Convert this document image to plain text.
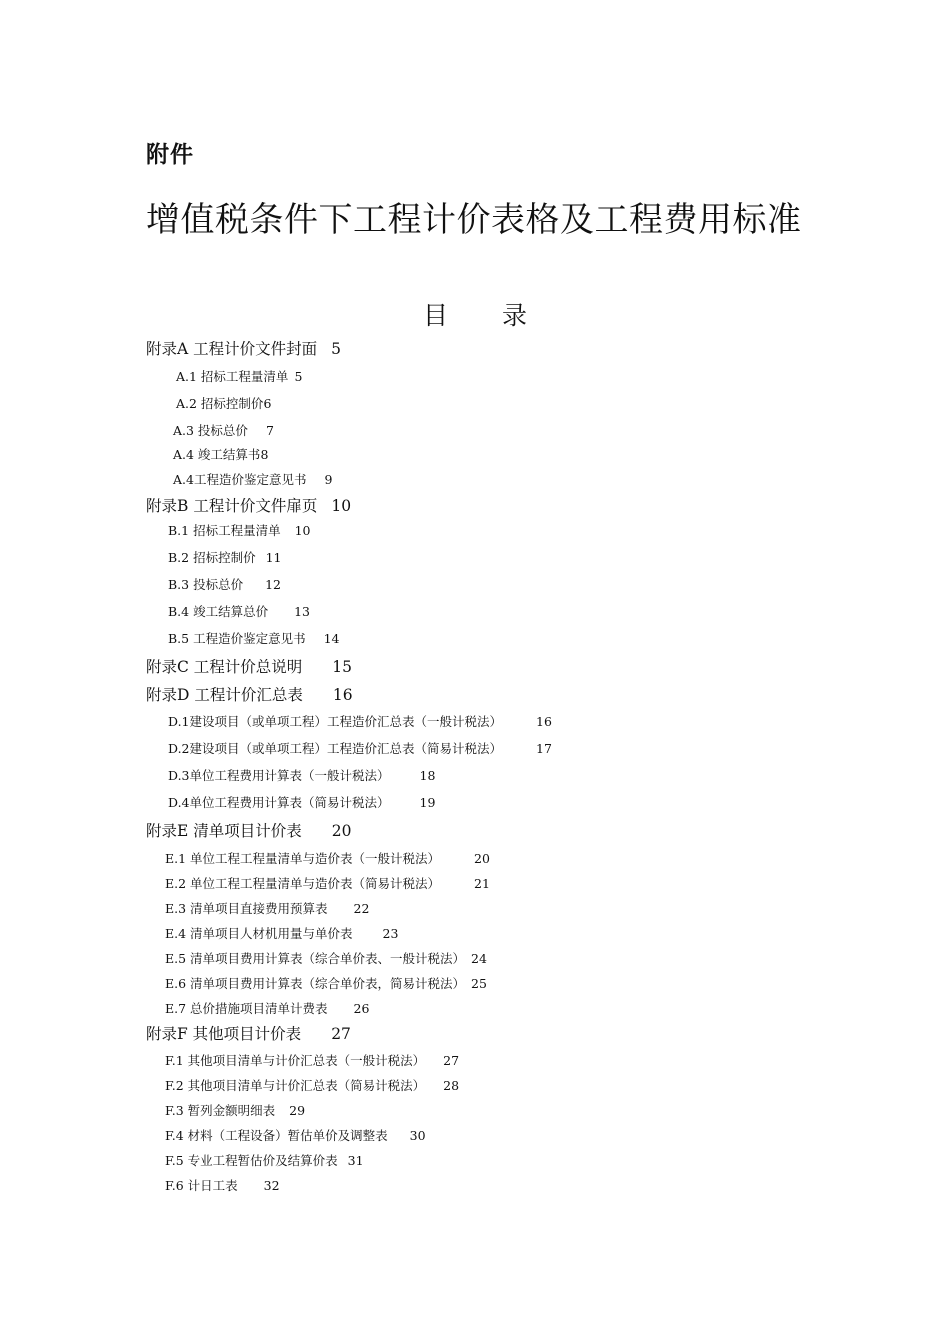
附件
增值税条件下工程计价表格及工程费用标准
目 录
附录A 工程计价文件封面 5
A.1 招标工程量清单 5
A.2 招标控制价6
A.3 投标总价 7
A.4 竣工结算书8
A.4工程造价鉴定意见书 9
附录B 工程计价文件扉页 10
B.1 招标工程量清单 10
B.2 招标控制价 11
B.3 投标总价 12
B.4 竣工结算总价 13
B.5 工程造价鉴定意见书 14
附录C 工程计价总说明 15
附录D 工程计价汇总表 16
D.1建设项目（或单项工程）工程造价汇总表（一般计税法）	16
D.2建设项目（或单项工程）工程造价汇总表（简易计税法）	17
D.3单位工程费用计算表（一般计税法） 18
D.4单位工程费用计算表（简易计税法） 19
附录E 清单项目计价表 20
E.1 单位工程工程量清单与造价表（一般计税法）	20
E.2 单位工程工程量清单与造价表（简易计税法）	21
E.3 清单项目直接费用预算表 22
E.4 清单项目人材机用量与单价表 23
E.5 清单项目费用计算表（综合单价表、一般计税法） 24
E.6 清单项目费用计算表（综合单价表，简易计税法） 25
E.7 总价措施项目清单计费表 26
附录F 其他项目计价表 27
F.1 其他项目清单与计价汇总表（一般计税法） 27
F.2 其他项目清单与计价汇总表（简易计税法） 28
F.3 暂列金额明细表 29
F.4 材料（工程设备）暂估单价及调整表 30
F.5 专业工程暂估价及结算价表 31
F.6 计日工表 32
